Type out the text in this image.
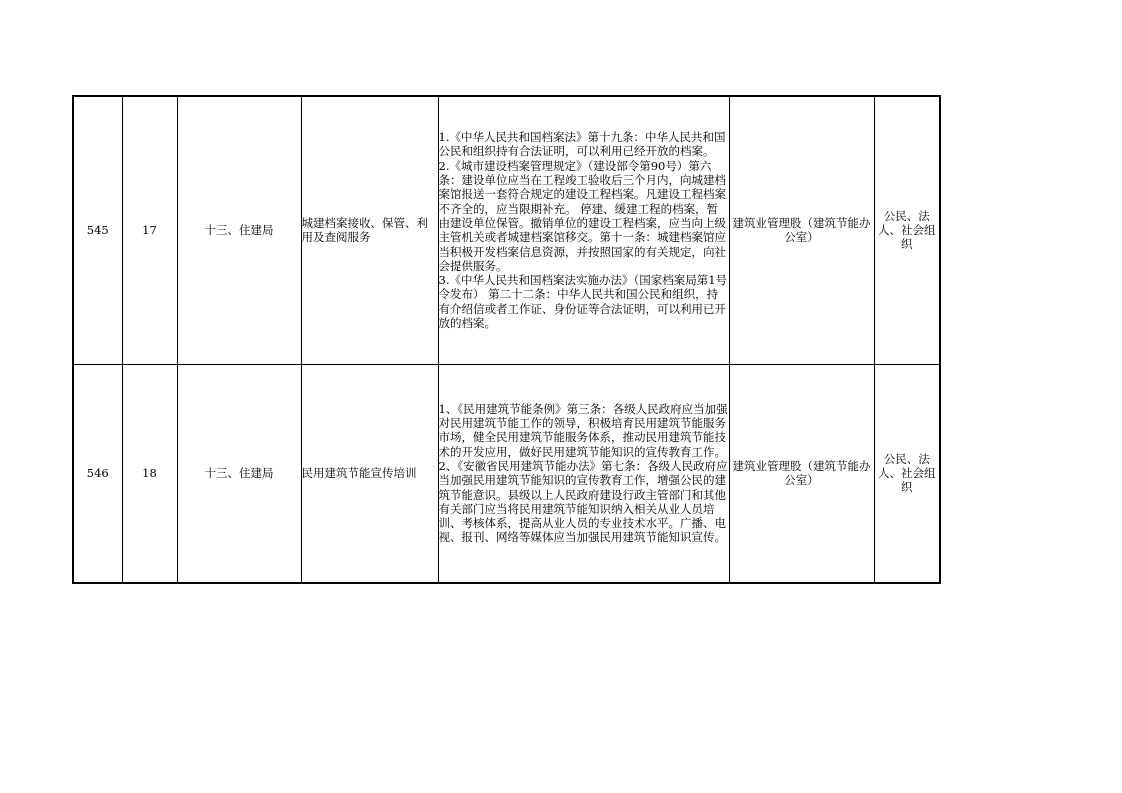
545	17	十三、住建局	城建档案接收、保管、利用及查阅服务	1.《中华人民共和国档案法》第十九条：中华人民共和国公民和组织持有合法证明，可以利用已经开放的档案。
2.《城市建设档案管理规定》（建设部令第90号）第六条：建设单位应当在工程竣工验收后三个月内，向城建档案馆报送一套符合规定的建设工程档案。凡建设工程档案不齐全的，应当限期补充。 停建、缓建工程的档案，暂由建设单位保管。撤销单位的建设工程档案，应当向上级主管机关或者城建档案馆移交。第十一条：城建档案馆应当积极开发档案信息资源，并按照国家的有关规定，向社会提供服务。
3.《中华人民共和国档案法实施办法》（国家档案局第1号令发布） 第二十二条：中华人民共和国公民和组织，持有介绍信或者工作证、身份证等合法证明，可以利用已开放的档案。	建筑业管理股（建筑节能办公室）	公民、法人、社会组织
546	18	十三、住建局	民用建筑节能宣传培训	1、《民用建筑节能条例》第三条：各级人民政府应当加强对民用建筑节能工作的领导，积极培育民用建筑节能服务市场，健全民用建筑节能服务体系，推动民用建筑节能技术的开发应用，做好民用建筑节能知识的宣传教育工作。
2、《安徽省民用建筑节能办法》第七条：各级人民政府应当加强民用建筑节能知识的宣传教育工作，增强公民的建筑节能意识。县级以上人民政府建设行政主管部门和其他有关部门应当将民用建筑节能知识纳入相关从业人员培训、考核体系，提高从业人员的专业技术水平。广播、电视、报刊、网络等媒体应当加强民用建筑节能知识宣传。	建筑业管理股（建筑节能办公室）	公民、法人、社会组织
